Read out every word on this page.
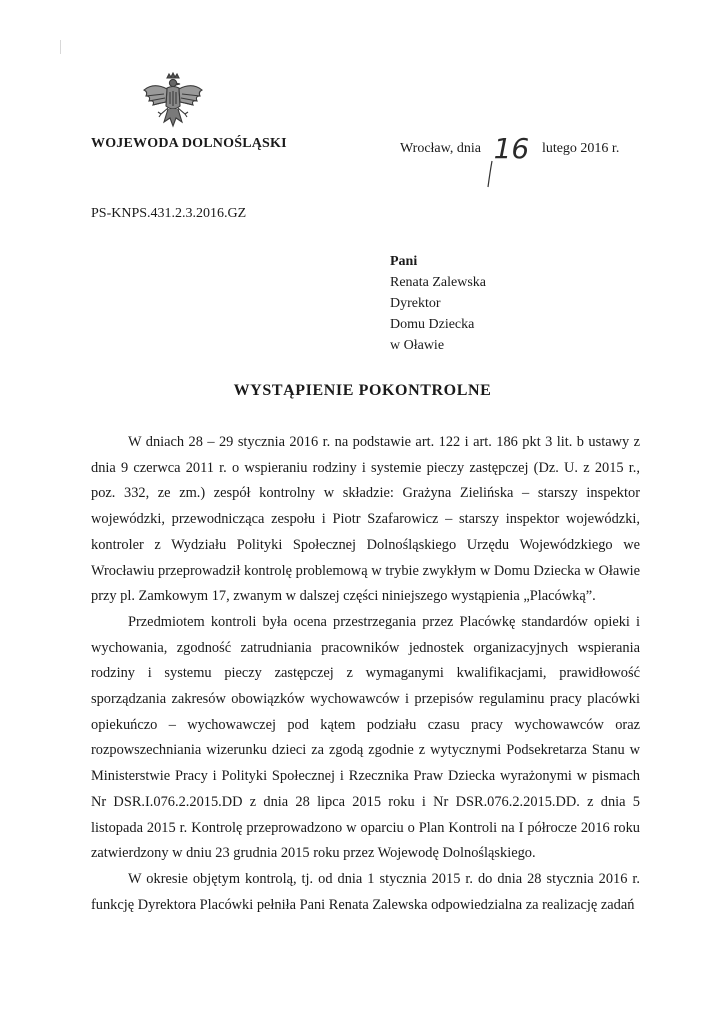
WOJEWODA DOLNOŚLĄSKI	Wrocław, dnia 16 lutego 2016 r.
PS-KNPS.431.2.3.2016.GZ
Pani
Renata Zalewska
Dyrektor
Domu Dziecka
w Oławie
WYSTĄPIENIE POKONTROLNE

W dniach 28 – 29 stycznia 2016 r. na podstawie art. 122 i art. 186 pkt 3 lit. b ustawy z dnia 9 czerwca 2011 r. o wspieraniu rodziny i systemie pieczy zastępczej (Dz. U. z 2015 r., poz. 332, ze zm.) zespół kontrolny w składzie: Grażyna Zielińska – starszy inspektor wojewódzki, przewodnicząca zespołu i Piotr Szafarowicz – starszy inspektor wojewódzki, kontroler z Wydziału Polityki Społecznej Dolnośląskiego Urzędu Wojewódzkiego we Wrocławiu przeprowadził kontrolę problemową w trybie zwykłym w Domu Dziecka w Oławie przy pl. Zamkowym 17, zwanym w dalszej części niniejszego wystąpienia „Placówką”.

Przedmiotem kontroli była ocena przestrzegania przez Placówkę standardów opieki i wychowania, zgodność zatrudniania pracowników jednostek organizacyjnych wspierania rodziny i systemu pieczy zastępczej z wymaganymi kwalifikacjami, prawidłowość sporządzania zakresów obowiązków wychowawców i przepisów regulaminu pracy placówki opiekuńczo – wychowawczej pod kątem podziału czasu pracy wychowawców oraz rozpowszechniania wizerunku dzieci za zgodą zgodnie z wytycznymi Podsekretarza Stanu w Ministerstwie Pracy i Polityki Społecznej i Rzecznika Praw Dziecka wyrażonymi w pismach Nr DSR.I.076.2.2015.DD z dnia 28 lipca 2015 roku i Nr DSR.076.2.2015.DD. z dnia 5 listopada 2015 r. Kontrolę przeprowadzono w oparciu o Plan Kontroli na I półrocze 2016 roku zatwierdzony w dniu 23 grudnia 2015 roku przez Wojewodę Dolnośląskiego.

W okresie objętym kontrolą, tj. od dnia 1 stycznia 2015 r. do dnia 28 stycznia 2016 r. funkcję Dyrektora Placówki pełniła Pani Renata Zalewska odpowiedzialna za realizację zadań
